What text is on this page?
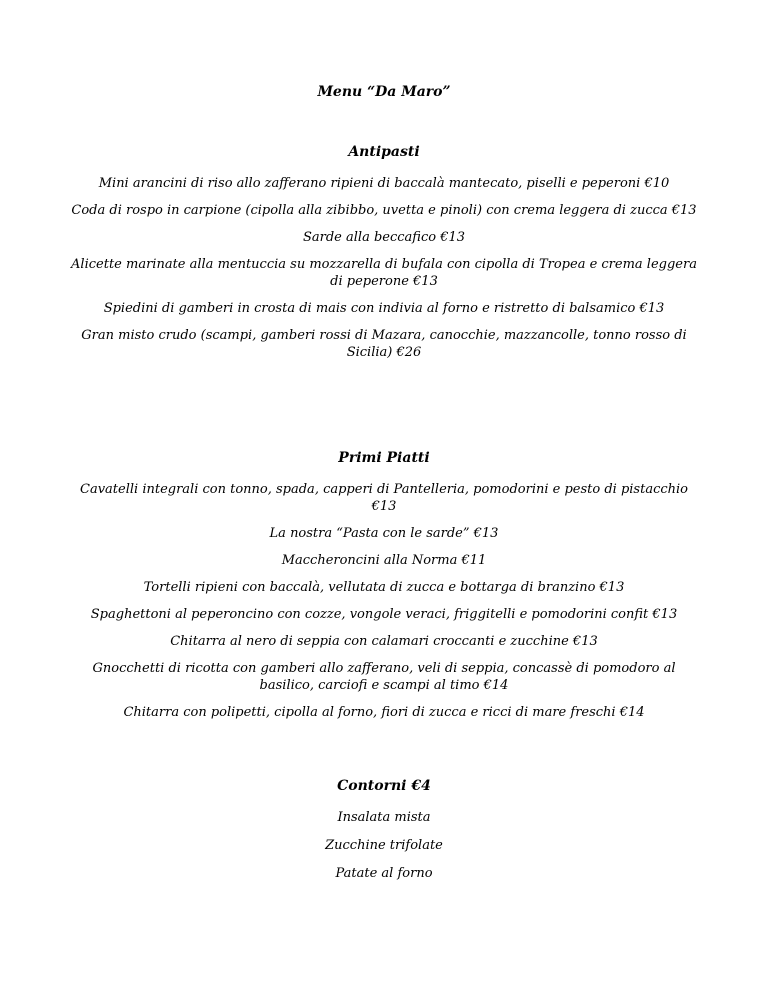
Menu “Da Maro”
Antipasti
Mini arancini di riso allo zafferano ripieni di baccalà mantecato, piselli e peperoni €10
Coda di rospo in carpione (cipolla alla zibibbo, uvetta e pinoli) con crema leggera di zucca €13
Sarde alla beccafico €13
Alicette marinate alla mentuccia su mozzarella di bufala con cipolla di Tropea e crema leggera di peperone €13
Spiedini di gamberi in crosta di mais con indivia al forno e ristretto di balsamico €13
Gran misto crudo (scampi, gamberi rossi di Mazara, canocchie, mazzancolle, tonno rosso di Sicilia) €26
Primi Piatti
Cavatelli integrali con tonno, spada, capperi di Pantelleria, pomodorini e pesto di pistacchio €13
La nostra “Pasta con le sarde” €13
Maccheroncini alla Norma €11
Tortelli ripieni con baccalà, vellutata di zucca e bottarga di branzino €13
Spaghettoni al peperoncino con cozze, vongole veraci, friggitelli e pomodorini confit €13
Chitarra al nero di seppia con calamari croccanti e zucchine €13
Gnocchetti di ricotta con gamberi allo zafferano, veli di seppia, concassè di pomodoro al basilico, carciofi e scampi al timo €14
Chitarra con polipetti, cipolla al forno, fiori di zucca e ricci di mare freschi €14
Contorni €4
Insalata mista
Zucchine trifolate
Patate al forno
